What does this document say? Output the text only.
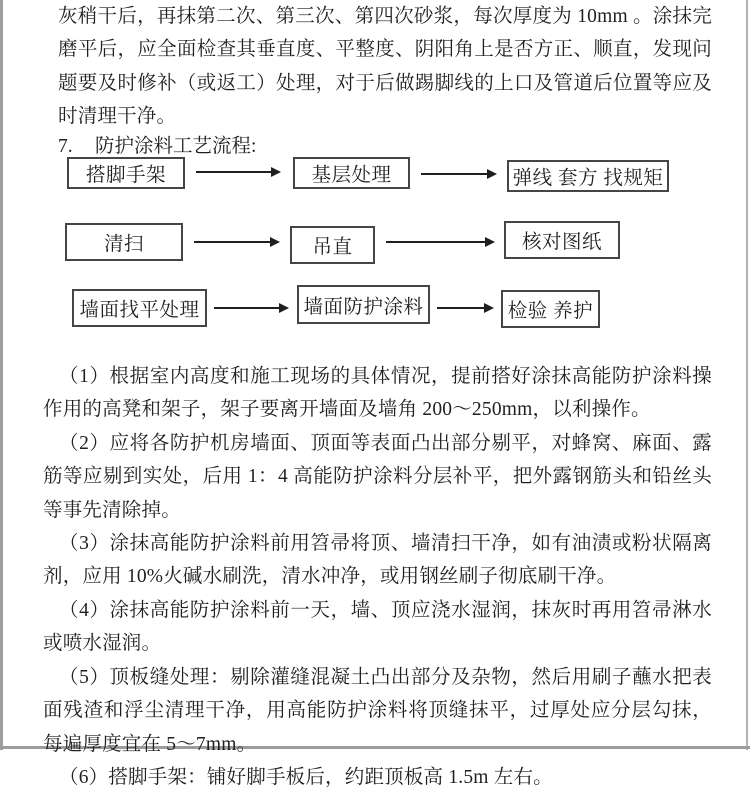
灰稍干后，再抹第二次、第三次、第四次砂浆，每次厚度为 10mm 。涂抹完磨平后，应全面检查其垂直度、平整度、阴阳角上是否方正、顺直，发现问题要及时修补（或返工）处理，对于后做踢脚线的上口及管道后位置等应及时清理干净。

7.	防护涂料工艺流程:
搭脚手架	基层处理	弹线 套方 找规矩
清扫	吊直	核对图纸
墙面找平处理	墙面防护涂料	检验 养护

（1）根据室内高度和施工现场的具体情况，提前搭好涂抹高能防护涂料操作用的高凳和架子，架子要离开墙面及墙角 200～250mm，以利操作。

（2）应将各防护机房墙面、顶面等表面凸出部分剔平，对蜂窝、麻面、露筋等应剔到实处，后用 1：4 高能防护涂料分层补平，把外露钢筋头和铅丝头等事先清除掉。

（3）涂抹高能防护涂料前用笤帚将顶、墙清扫干净，如有油渍或粉状隔离剂，应用 10%火碱水刷洗，清水冲净，或用钢丝刷子彻底刷干净。

（4）涂抹高能防护涂料前一天，墙、顶应浇水湿润，抹灰时再用笤帚淋水或喷水湿润。

（5）顶板缝处理：剔除灌缝混凝土凸出部分及杂物，然后用刷子蘸水把表面残渣和浮尘清理干净，用高能防护涂料将顶缝抹平，过厚处应分层勾抹，每遍厚度宜在 5～7mm。

（6）搭脚手架：铺好脚手板后，约距顶板高 1.5m 左右。
